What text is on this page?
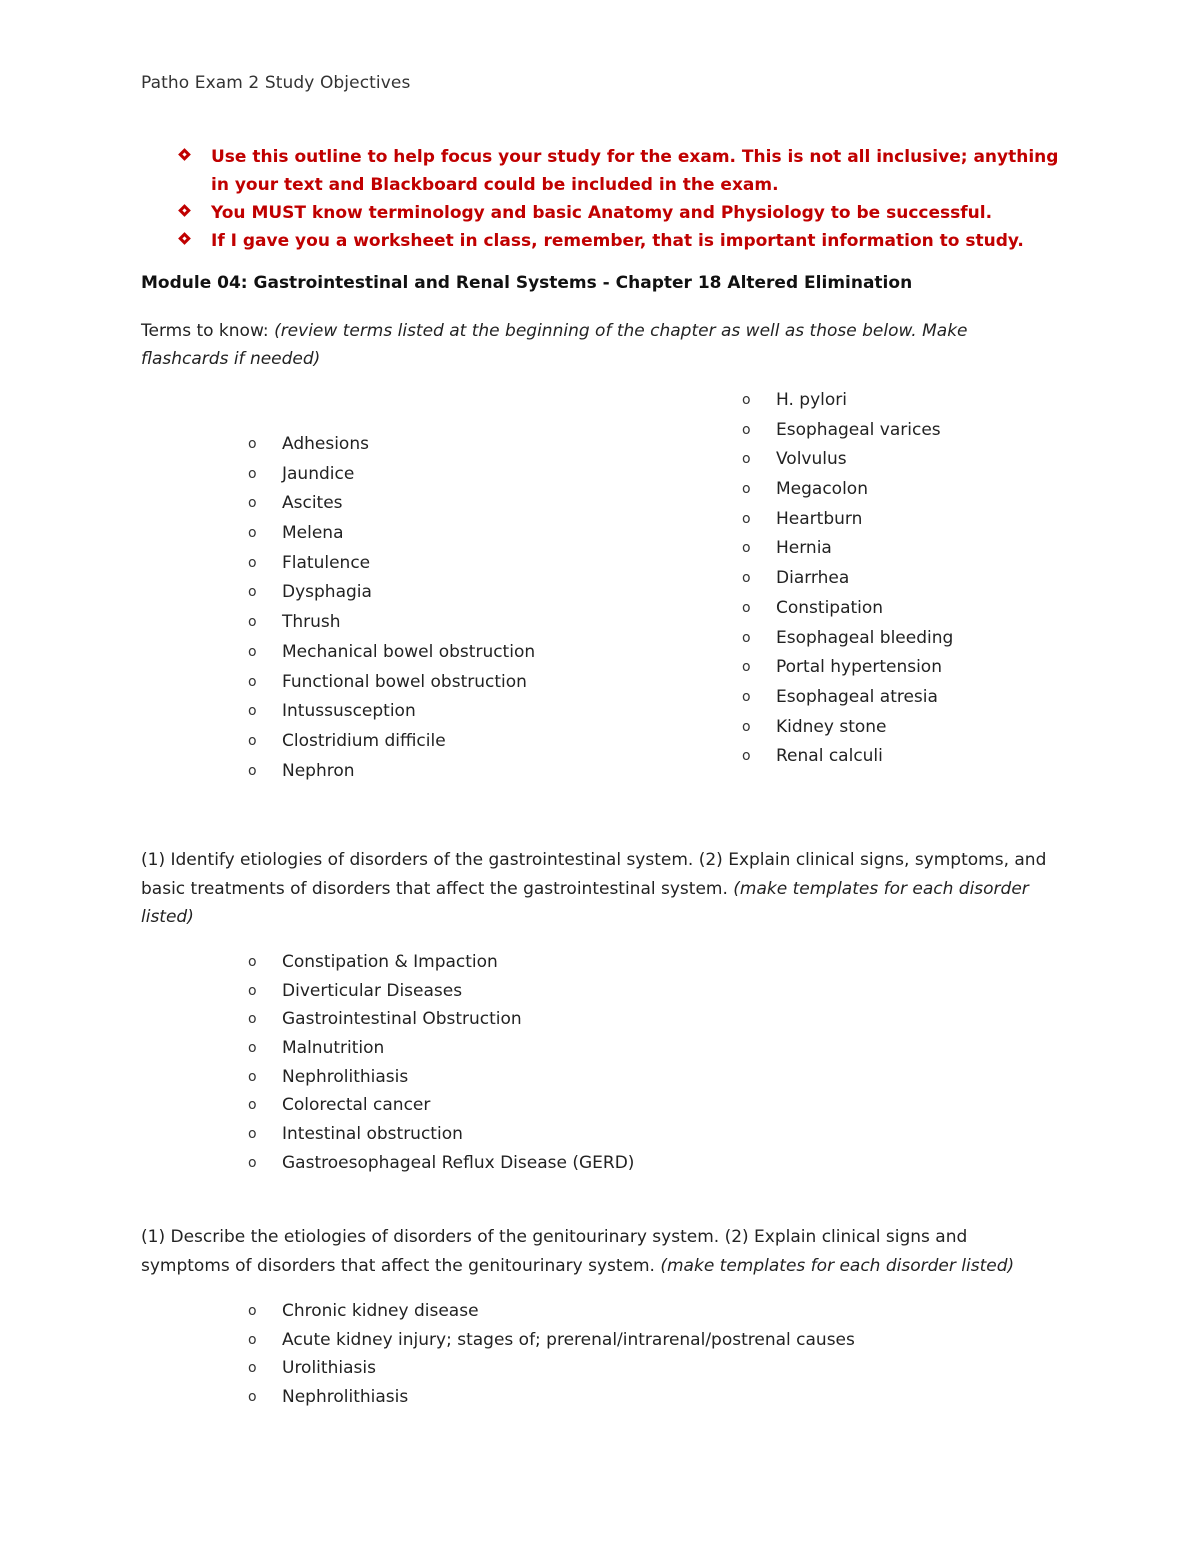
Patho Exam 2 Study Objectives
Use this outline to help focus your study for the exam. This is not all inclusive; anything in your text and Blackboard could be included in the exam.
You MUST know terminology and basic Anatomy and Physiology to be successful.
If I gave you a worksheet in class, remember, that is important information to study.
Module 04: Gastrointestinal and Renal Systems - Chapter 18 Altered Elimination
Terms to know: (review terms listed at the beginning of the chapter as well as those below. Make flashcards if needed)
o Adhesions
o Jaundice
o Ascites
o Melena
o Flatulence
o Dysphagia
o Thrush
o Mechanical bowel obstruction
o Functional bowel obstruction
o Intussusception
o Clostridium difficile
o Nephron
o H. pylori
o Esophageal varices
o Volvulus
o Megacolon
o Heartburn
o Hernia
o Diarrhea
o Constipation
o Esophageal bleeding
o Portal hypertension
o Esophageal atresia
o Kidney stone
o Renal calculi
(1) Identify etiologies of disorders of the gastrointestinal system. (2) Explain clinical signs, symptoms, and basic treatments of disorders that affect the gastrointestinal system. (make templates for each disorder listed)
o Constipation & Impaction
o Diverticular Diseases
o Gastrointestinal Obstruction
o Malnutrition
o Nephrolithiasis
o Colorectal cancer
o Intestinal obstruction
o Gastroesophageal Reflux Disease (GERD)
(1) Describe the etiologies of disorders of the genitourinary system. (2) Explain clinical signs and symptoms of disorders that affect the genitourinary system. (make templates for each disorder listed)
o Chronic kidney disease
o Acute kidney injury; stages of; prerenal/intrarenal/postrenal causes
o Urolithiasis
o Nephrolithiasis
